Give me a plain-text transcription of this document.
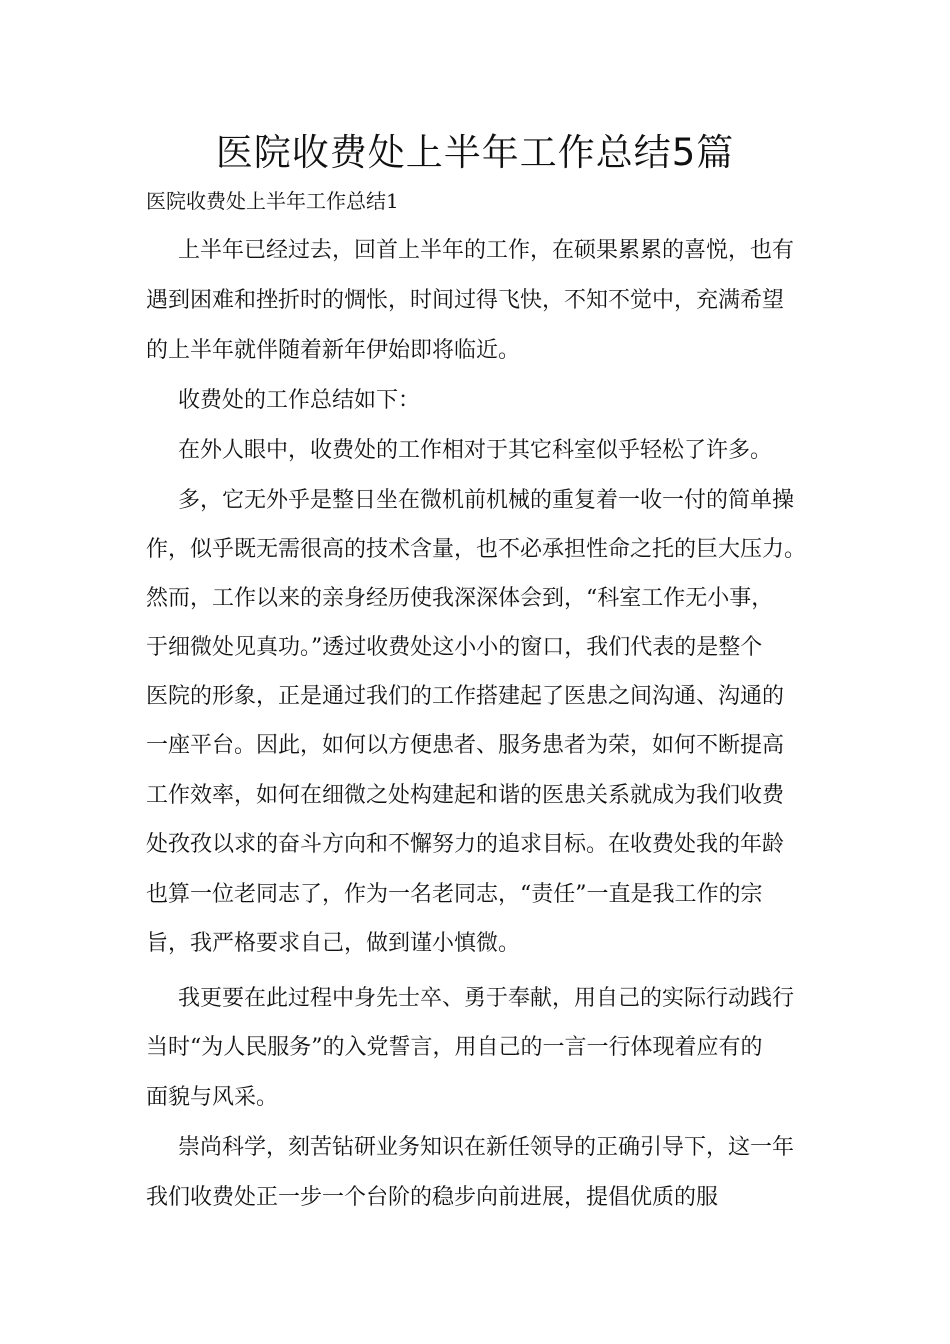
医院收费处上半年工作总结5篇

医院收费处上半年工作总结1

上半年已经过去，回首上半年的工作，在硕果累累的喜悦，也有

遇到困难和挫折时的惆怅，时间过得飞快，不知不觉中，充满希望

的上半年就伴随着新年伊始即将临近。

收费处的工作总结如下：

在外人眼中，收费处的工作相对于其它科室似乎轻松了许多。

多，它无外乎是整日坐在微机前机械的重复着一收一付的简单操

作，似乎既无需很高的技术含量，也不必承担性命之托的巨大压力。

然而，工作以来的亲身经历使我深深体会到，“科室工作无小事，

于细微处见真功。”透过收费处这小小的窗口，我们代表的是整个

医院的形象，正是通过我们的工作搭建起了医患之间沟通、沟通的

一座平台。因此，如何以方便患者、服务患者为荣，如何不断提高

工作效率，如何在细微之处构建起和谐的医患关系就成为我们收费

处孜孜以求的奋斗方向和不懈努力的追求目标。在收费处我的年龄

也算一位老同志了，作为一名老同志，“责任”一直是我工作的宗

旨，我严格要求自己，做到谨小慎微。

我更要在此过程中身先士卒、勇于奉献，用自己的实际行动践行

当时“为人民服务”的入党誓言，用自己的一言一行体现着应有的

面貌与风采。

崇尚科学，刻苦钻研业务知识在新任领导的正确引导下，这一年

我们收费处正一步一个台阶的稳步向前进展，提倡优质的服
